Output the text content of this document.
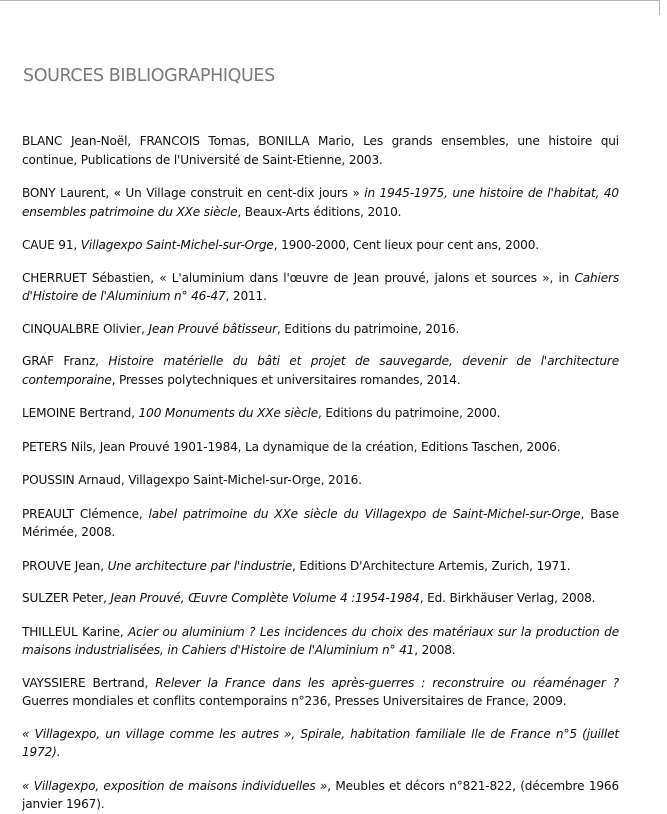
SOURCES BIBLIOGRAPHIQUES

BLANC Jean-Noël, FRANCOIS Tomas, BONILLA Mario, Les grands ensembles, une histoire qui continue, Publications de l'Université de Saint-Etienne, 2003.

BONY Laurent, « Un Village construit en cent-dix jours » in 1945-1975, une histoire de l'habitat, 40 ensembles patrimoine du XXe siècle, Beaux-Arts éditions, 2010.

CAUE 91, Villagexpo Saint-Michel-sur-Orge, 1900-2000, Cent lieux pour cent ans, 2000.

CHERRUET Sébastien, « L'aluminium dans l'œuvre de Jean prouvé, jalons et sources », in Cahiers d'Histoire de l'Aluminium n° 46-47, 2011.

CINQUALBRE Olivier, Jean Prouvé bâtisseur, Editions du patrimoine, 2016.

GRAF Franz, Histoire matérielle du bâti et projet de sauvegarde, devenir de l'architecture contemporaine, Presses polytechniques et universitaires romandes, 2014.

LEMOINE Bertrand, 100 Monuments du XXe siècle, Editions du patrimoine, 2000.

PETERS Nils, Jean Prouvé 1901-1984, La dynamique de la création, Editions Taschen, 2006.

POUSSIN Arnaud, Villagexpo Saint-Michel-sur-Orge, 2016.

PREAULT Clémence, label patrimoine du XXe siècle du Villagexpo de Saint-Michel-sur-Orge, Base Mérimée, 2008.

PROUVE Jean, Une architecture par l'industrie, Editions D'Architecture Artemis, Zurich, 1971.

SULZER Peter, Jean Prouvé, Œuvre Complète Volume 4 :1954-1984, Ed. Birkhäuser Verlag, 2008.

THILLEUL Karine, Acier ou aluminium ? Les incidences du choix des matériaux sur la production de maisons industrialisées, in Cahiers d'Histoire de l'Aluminium n° 41, 2008.

VAYSSIERE Bertrand, Relever la France dans les après-guerres : reconstruire ou réaménager ? Guerres mondiales et conflits contemporains n°236, Presses Universitaires de France, 2009.

« Villagexpo, un village comme les autres », Spirale, habitation familiale Ile de France n°5 (juillet 1972).

« Villagexpo, exposition de maisons individuelles », Meubles et décors n°821-822, (décembre 1966 janvier 1967).
